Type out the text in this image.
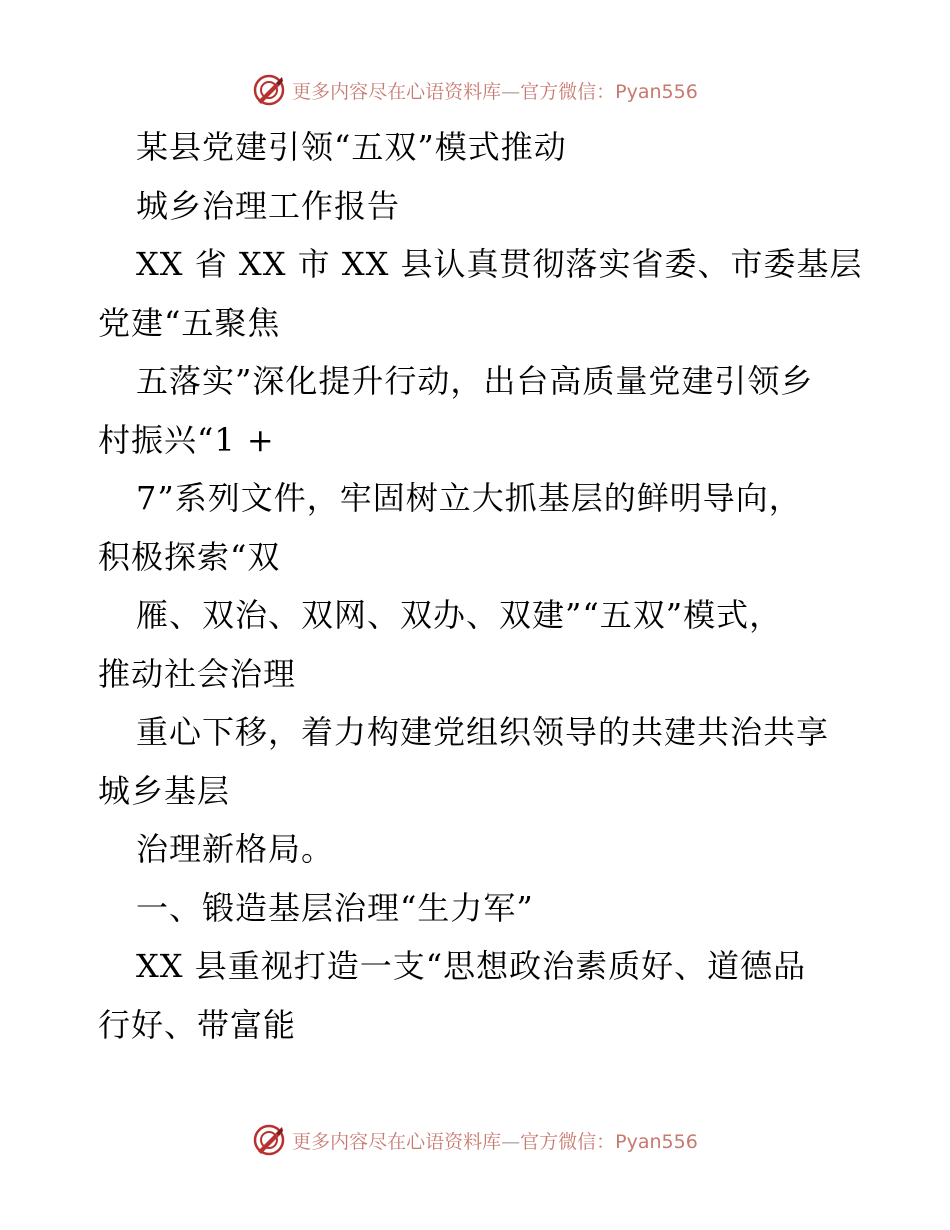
更多内容尽在心语资料库—官方微信：Pyan556
某县党建引领“五双”模式推动
城乡治理工作报告
XX 省 XX 市 XX 县认真贯彻落实省委、市委基层
党建“五聚焦
五落实”深化提升行动，出台高质量党建引领乡
村振兴“1 +
7”系列文件，牢固树立大抓基层的鲜明导向，
积极探索“双
雁、双治、双网、双办、双建”“五双”模式，
推动社会治理
重心下移，着力构建党组织领导的共建共治共享
城乡基层
治理新格局。
一、锻造基层治理“生力军”
XX 县重视打造一支“思想政治素质好、道德品
行好、带富能
更多内容尽在心语资料库—官方微信：Pyan556
